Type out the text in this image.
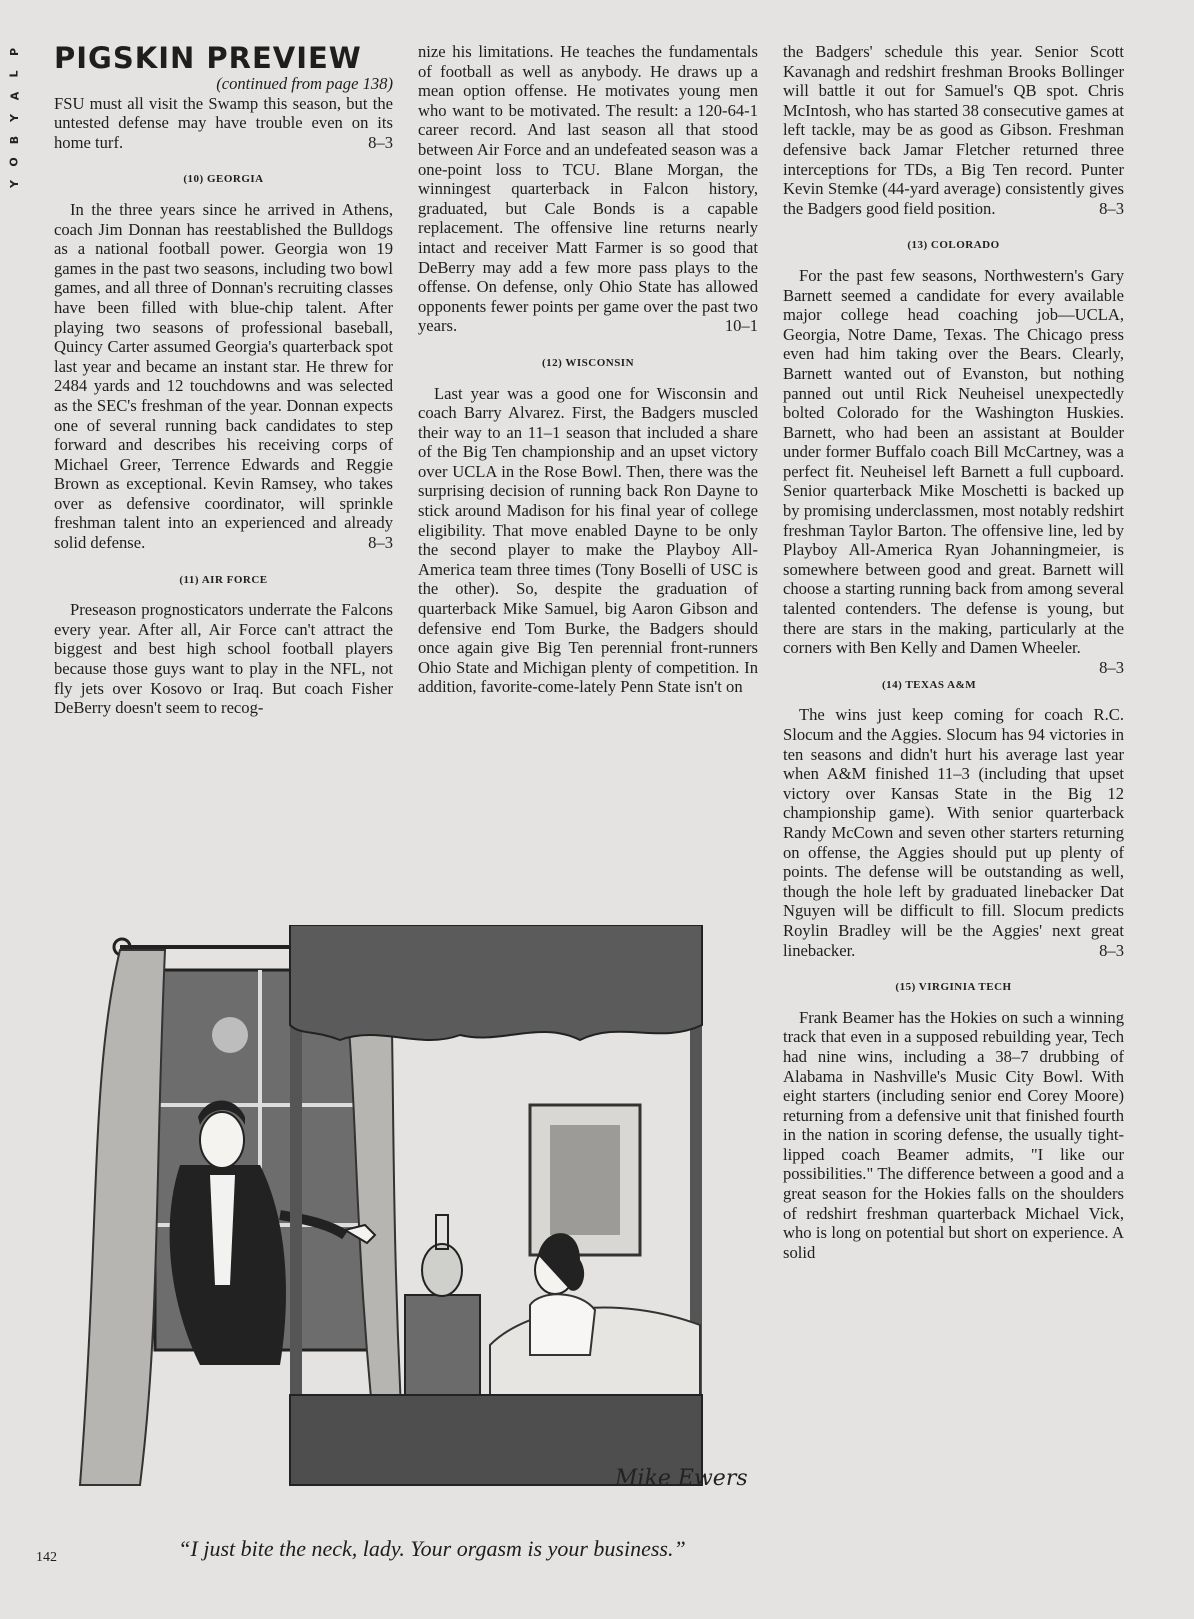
P
L
A
Y
B
O
Y
PIGSKIN PREVIEW
(continued from page 138)
FSU must all visit the Swamp this season, but the untested defense may have trouble even on its home turf.	8–3
(10) GEORGIA
In the three years since he arrived in Athens, coach Jim Donnan has reestablished the Bulldogs as a national football power. Georgia won 19 games in the past two seasons, including two bowl games, and all three of Donnan's recruiting classes have been filled with blue-chip talent. After playing two seasons of professional baseball, Quincy Carter assumed Georgia's quarterback spot last year and became an instant star. He threw for 2484 yards and 12 touchdowns and was selected as the SEC's freshman of the year. Donnan expects one of several running back candidates to step forward and describes his receiving corps of Michael Greer, Terrence Edwards and Reggie Brown as exceptional. Kevin Ramsey, who takes over as defensive coordinator, will sprinkle freshman talent into an experienced and already solid defense.	8–3
(11) AIR FORCE
Preseason prognosticators underrate the Falcons every year. After all, Air Force can't attract the biggest and best high school football players because those guys want to play in the NFL, not fly jets over Kosovo or Iraq. But coach Fisher DeBerry doesn't seem to recog-
nize his limitations. He teaches the fundamentals of football as well as anybody. He draws up a mean option offense. He motivates young men who want to be motivated. The result: a 120-64-1 career record. And last season all that stood between Air Force and an undefeated season was a one-point loss to TCU. Blane Morgan, the winningest quarterback in Falcon history, graduated, but Cale Bonds is a capable replacement. The offensive line returns nearly intact and receiver Matt Farmer is so good that DeBerry may add a few more pass plays to the offense. On defense, only Ohio State has allowed opponents fewer points per game over the past two years.	10–1
(12) WISCONSIN
Last year was a good one for Wisconsin and coach Barry Alvarez. First, the Badgers muscled their way to an 11–1 season that included a share of the Big Ten championship and an upset victory over UCLA in the Rose Bowl. Then, there was the surprising decision of running back Ron Dayne to stick around Madison for his final year of college eligibility. That move enabled Dayne to be only the second player to make the Playboy All-America team three times (Tony Boselli of USC is the other). So, despite the graduation of quarterback Mike Samuel, big Aaron Gibson and defensive end Tom Burke, the Badgers should once again give Big Ten perennial front-runners Ohio State and Michigan plenty of competition. In addition, favorite-come-lately Penn State isn't on
the Badgers' schedule this year. Senior Scott Kavanagh and redshirt freshman Brooks Bollinger will battle it out for Samuel's QB spot. Chris McIntosh, who has started 38 consecutive games at left tackle, may be as good as Gibson. Freshman defensive back Jamar Fletcher returned three interceptions for TDs, a Big Ten record. Punter Kevin Stemke (44-yard average) consistently gives the Badgers good field position.	8–3
(13) COLORADO
For the past few seasons, Northwestern's Gary Barnett seemed a candidate for every available major college head coaching job—UCLA, Georgia, Notre Dame, Texas. The Chicago press even had him taking over the Bears. Clearly, Barnett wanted out of Evanston, but nothing panned out until Rick Neuheisel unexpectedly bolted Colorado for the Washington Huskies. Barnett, who had been an assistant at Boulder under former Buffalo coach Bill McCartney, was a perfect fit. Neuheisel left Barnett a full cupboard. Senior quarterback Mike Moschetti is backed up by promising underclassmen, most notably redshirt freshman Taylor Barton. The offensive line, led by Playboy All-America Ryan Johanningmeier, is somewhere between good and great. Barnett will choose a starting running back from among several talented contenders. The defense is young, but there are stars in the making, particularly at the corners with Ben Kelly and Damen Wheeler.
8–3
(14) TEXAS A&M
The wins just keep coming for coach R.C. Slocum and the Aggies. Slocum has 94 victories in ten seasons and didn't hurt his average last year when A&M finished 11–3 (including that upset victory over Kansas State in the Big 12 championship game). With senior quarterback Randy McCown and seven other starters returning on offense, the Aggies should put up plenty of points. The defense will be outstanding as well, though the hole left by graduated linebacker Dat Nguyen will be difficult to fill. Slocum predicts Roylin Bradley will be the Aggies' next great linebacker.	8–3
(15) VIRGINIA TECH
Frank Beamer has the Hokies on such a winning track that even in a supposed rebuilding year, Tech had nine wins, including a 38–7 drubbing of Alabama in Nashville's Music City Bowl. With eight starters (including senior end Corey Moore) returning from a defensive unit that finished fourth in the nation in scoring defense, the usually tight-lipped coach Beamer admits, "I like our possibilities." The difference between a good and a great season for the Hokies falls on the shoulders of redshirt freshman quarterback Michael Vick, who is long on potential but short on experience. A solid
Mike Ewers
“I just bite the neck, lady. Your orgasm is your business.”
142
